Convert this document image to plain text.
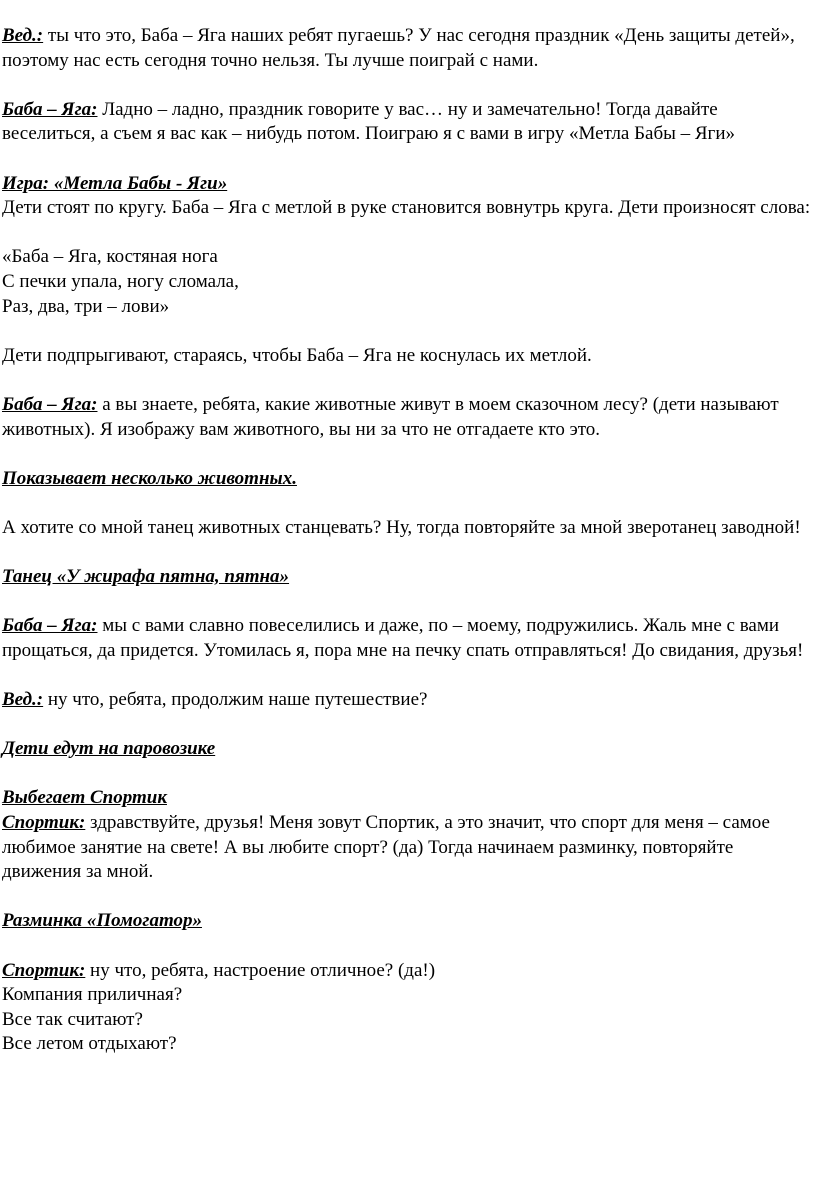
Вед.: ты что это, Баба – Яга наших ребят пугаешь? У нас сегодня праздник «День защиты детей», поэтому нас есть сегодня точно нельзя. Ты лучше поиграй с нами.

Баба – Яга: Ладно – ладно, праздник говорите у вас… ну и замечательно! Тогда давайте веселиться, а съем я вас как – нибудь потом. Поиграю я с вами в игру «Метла Бабы – Яги»

Игра: «Метла Бабы - Яги»

Дети стоят по кругу. Баба – Яга с метлой в руке становится вовнутрь круга. Дети произносят слова:

«Баба – Яга, костяная нога
С печки упала, ногу сломала,
Раз, два, три – лови»

Дети подпрыгивают, стараясь, чтобы Баба – Яга не коснулась их метлой.

Баба – Яга: а вы знаете, ребята, какие животные живут в моем сказочном лесу? (дети называют животных). Я изображу вам животного, вы ни за что не отгадаете кто это.

Показывает несколько животных.

А хотите со мной танец животных станцевать? Ну, тогда повторяйте за мной зверотанец заводной!

Танец «У жирафа пятна, пятна»

Баба – Яга: мы с вами славно повеселились и даже, по – моему, подружились. Жаль мне с вами прощаться, да придется. Утомилась я, пора мне на печку спать отправляться! До свидания, друзья!

Вед.: ну что, ребята, продолжим наше путешествие?

Дети едут на паровозике

Выбегает Спортик

Спортик: здравствуйте, друзья! Меня зовут Спортик, а это значит, что спорт для меня – самое любимое занятие на свете! А вы любите спорт? (да) Тогда начинаем разминку, повторяйте движения за мной.

Разминка «Помогатор»

Спортик: ну что, ребята, настроение отличное? (да!)

Компания приличная?
Все так считают?
Все летом отдыхают?
